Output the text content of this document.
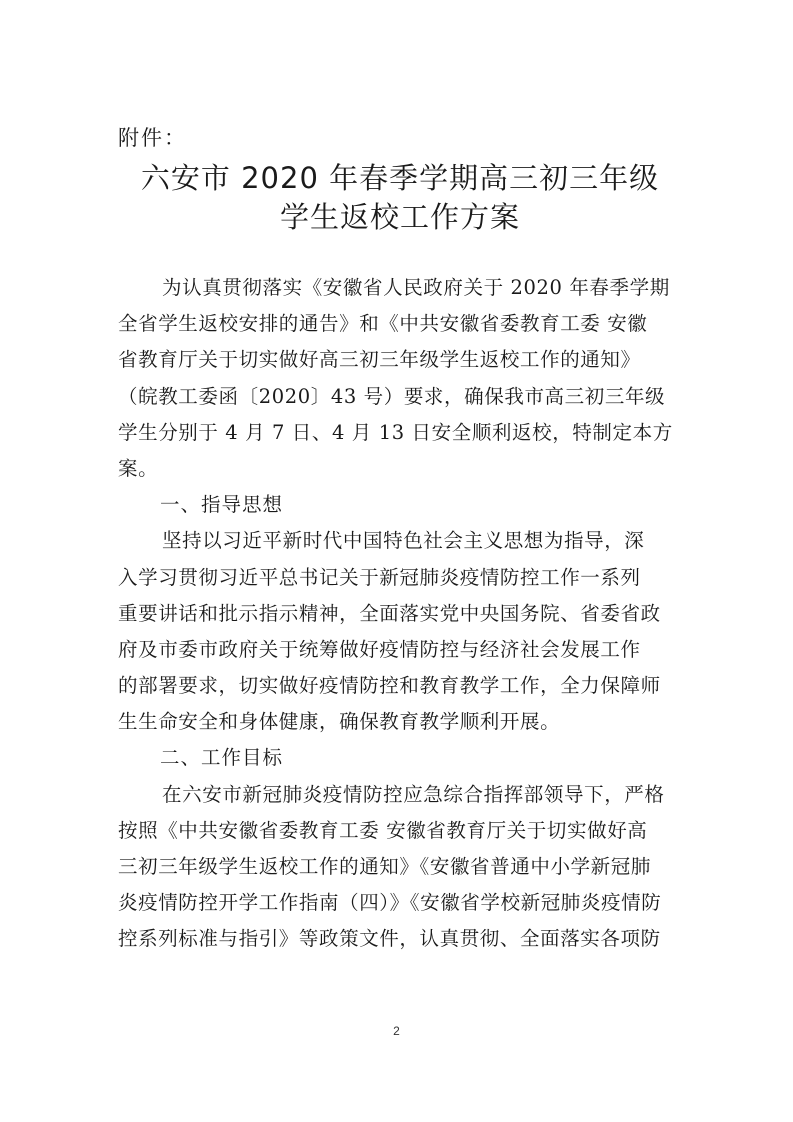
附件：
六安市 2020 年春季学期高三初三年级
学生返校工作方案
为认真贯彻落实《安徽省人民政府关于 2020 年春季学期
全省学生返校安排的通告》和《中共安徽省委教育工委 安徽
省教育厅关于切实做好高三初三年级学生返校工作的通知》
（皖教工委函〔2020〕43 号）要求，确保我市高三初三年级
学生分别于 4 月 7 日、4 月 13 日安全顺利返校，特制定本方
案。
一、指导思想
坚持以习近平新时代中国特色社会主义思想为指导，深
入学习贯彻习近平总书记关于新冠肺炎疫情防控工作一系列
重要讲话和批示指示精神，全面落实党中央国务院、省委省政
府及市委市政府关于统筹做好疫情防控与经济社会发展工作
的部署要求，切实做好疫情防控和教育教学工作，全力保障师
生生命安全和身体健康，确保教育教学顺利开展。
二、工作目标
在六安市新冠肺炎疫情防控应急综合指挥部领导下，严格
按照《中共安徽省委教育工委 安徽省教育厅关于切实做好高
三初三年级学生返校工作的通知》《安徽省普通中小学新冠肺
炎疫情防控开学工作指南（四）》《安徽省学校新冠肺炎疫情防
控系列标准与指引》等政策文件，认真贯彻、全面落实各项防
2
